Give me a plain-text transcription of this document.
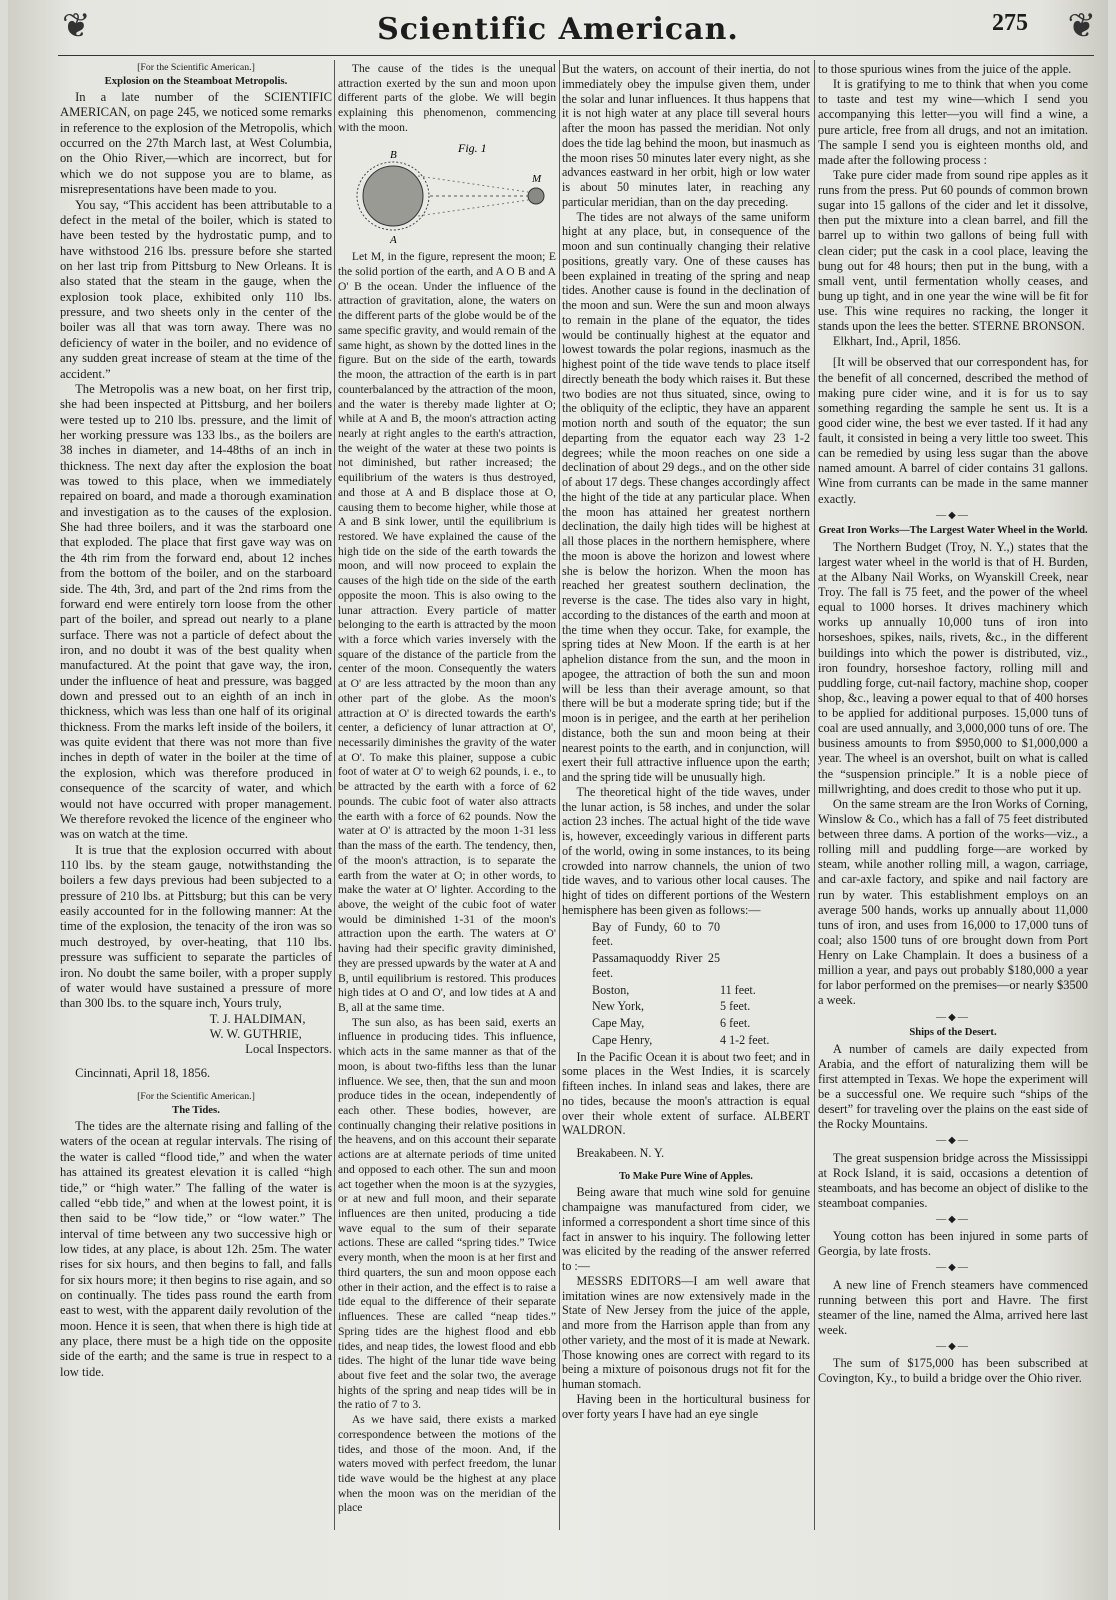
❦	❦
Scientific American.	275

[For the Scientific American.]

Explosion on the Steamboat Metropolis.

In a late number of the SCIENTIFIC AMERICAN, on page 245, we noticed some remarks in reference to the explosion of the Metropolis, which occurred on the 27th March last, at West Columbia, on the Ohio River,—which are incorrect, but for which we do not suppose you are to blame, as misrepresentations have been made to you.

You say, “This accident has been attributable to a defect in the metal of the boiler, which is stated to have been tested by the hydrostatic pump, and to have withstood 216 lbs. pressure before she started on her last trip from Pittsburg to New Orleans. It is also stated that the steam in the gauge, when the explosion took place, exhibited only 110 lbs. pressure, and two sheets only in the center of the boiler was all that was torn away. There was no deficiency of water in the boiler, and no evidence of any sudden great increase of steam at the time of the accident.”

The Metropolis was a new boat, on her first trip, she had been inspected at Pittsburg, and her boilers were tested up to 210 lbs. pressure, and the limit of her working pressure was 133 lbs., as the boilers are 38 inches in diameter, and 14-48ths of an inch in thickness. The next day after the explosion the boat was towed to this place, when we immediately repaired on board, and made a thorough examination and investigation as to the causes of the explosion. She had three boilers, and it was the starboard one that exploded. The place that first gave way was on the 4th rim from the forward end, about 12 inches from the bottom of the boiler, and on the starboard side. The 4th, 3rd, and part of the 2nd rims from the forward end were entirely torn loose from the other part of the boiler, and spread out nearly to a plane surface. There was not a particle of defect about the iron, and no doubt it was of the best quality when manufactured. At the point that gave way, the iron, under the influence of heat and pressure, was bagged down and pressed out to an eighth of an inch in thickness, which was less than one half of its original thickness. From the marks left inside of the boilers, it was quite evident that there was not more than five inches in depth of water in the boiler at the time of the explosion, which was therefore produced in consequence of the scarcity of water, and which would not have occurred with proper management. We therefore revoked the licence of the engineer who was on watch at the time.

It is true that the explosion occurred with about 110 lbs. by the steam gauge, notwithstanding the boilers a few days previous had been subjected to a pressure of 210 lbs. at Pittsburg; but this can be very easily accounted for in the following manner: At the time of the explosion, the tenacity of the iron was so much destroyed, by over-heating, that 110 lbs. pressure was sufficient to separate the particles of iron. No doubt the same boiler, with a proper supply of water would have sustained a pressure of more than 300 lbs. to the square inch, Yours truly,

T. J. HALDIMAN,

W. W. GUTHRIE,

Local Inspectors.

Cincinnati, April 18, 1856.

[For the Scientific American.]

The Tides.

The tides are the alternate rising and falling of the waters of the ocean at regular intervals. The rising of the water is called “flood tide,” and when the water has attained its greatest elevation it is called “high tide,” or “high water.” The falling of the water is called “ebb tide,” and when at the lowest point, it is then said to be “low tide,” or “low water.” The interval of time between any two successive high or low tides, at any place, is about 12h. 25m. The water rises for six hours, and then begins to fall, and falls for six hours more; it then begins to rise again, and so on continually. The tides pass round the earth from east to west, with the apparent daily revolution of the moon. Hence it is seen, that when there is high tide at any place, there must be a high tide on the opposite side of the earth; and the same is true in respect to a low tide.

The cause of the tides is the unequal attraction exerted by the sun and moon upon different parts of the globe. We will begin explaining this phenomenon, commencing with the moon.

Fig. 1
B
A
M

Let M, in the figure, represent the moon; E the solid portion of the earth, and A O B and A O' B the ocean. Under the influence of the attraction of gravitation, alone, the waters on the different parts of the globe would be of the same specific gravity, and would remain of the same hight, as shown by the dotted lines in the figure. But on the side of the earth, towards the moon, the attraction of the earth is in part counterbalanced by the attraction of the moon, and the water is thereby made lighter at O; while at A and B, the moon's attraction acting nearly at right angles to the earth's attraction, the weight of the water at these two points is not diminished, but rather increased; the equilibrium of the waters is thus destroyed, and those at A and B displace those at O, causing them to become higher, while those at A and B sink lower, until the equilibrium is restored. We have explained the cause of the high tide on the side of the earth towards the moon, and will now proceed to explain the causes of the high tide on the side of the earth opposite the moon. This is also owing to the lunar attraction. Every particle of matter belonging to the earth is attracted by the moon with a force which varies inversely with the square of the distance of the particle from the center of the moon. Consequently the waters at O' are less attracted by the moon than any other part of the globe. As the moon's attraction at O' is directed towards the earth's center, a deficiency of lunar attraction at O', necessarily diminishes the gravity of the water at O'. To make this plainer, suppose a cubic foot of water at O' to weigh 62 pounds, i. e., to be attracted by the earth with a force of 62 pounds. The cubic foot of water also attracts the earth with a force of 62 pounds. Now the water at O' is attracted by the moon 1-31 less than the mass of the earth. The tendency, then, of the moon's attraction, is to separate the earth from the water at O; in other words, to make the water at O' lighter. According to the above, the weight of the cubic foot of water would be diminished 1-31 of the moon's attraction upon the earth. The waters at O' having had their specific gravity diminished, they are pressed upwards by the water at A and B, until equilibrium is restored. This produces high tides at O and O', and low tides at A and B, all at the same time.

The sun also, as has been said, exerts an influence in producing tides. This influence, which acts in the same manner as that of the moon, is about two-fifths less than the lunar influence. We see, then, that the sun and moon produce tides in the ocean, independently of each other. These bodies, however, are continually changing their relative positions in the heavens, and on this account their separate actions are at alternate periods of time united and opposed to each other. The sun and moon act together when the moon is at the syzygies, or at new and full moon, and their separate influences are then united, producing a tide wave equal to the sum of their separate actions. These are called “spring tides.” Twice every month, when the moon is at her first and third quarters, the sun and moon oppose each other in their action, and the effect is to raise a tide equal to the difference of their separate influences. These are called “neap tides.” Spring tides are the highest flood and ebb tides, and neap tides, the lowest flood and ebb tides. The hight of the lunar tide wave being about five feet and the solar two, the average hights of the spring and neap tides will be in the ratio of 7 to 3.

As we have said, there exists a marked correspondence between the motions of the tides, and those of the moon. And, if the waters moved with perfect freedom, the lunar tide wave would be the highest at any place when the moon was on the meridian of the place

But the waters, on account of their inertia, do not immediately obey the impulse given them, under the solar and lunar influences. It thus happens that it is not high water at any place till several hours after the moon has passed the meridian. Not only does the tide lag behind the moon, but inasmuch as the moon rises 50 minutes later every night, as she advances eastward in her orbit, high or low water is about 50 minutes later, in reaching any particular meridian, than on the day preceding.

The tides are not always of the same uniform hight at any place, but, in consequence of the moon and sun continually changing their relative positions, greatly vary. One of these causes has been explained in treating of the spring and neap tides. Another cause is found in the declination of the moon and sun. Were the sun and moon always to remain in the plane of the equator, the tides would be continually highest at the equator and lowest towards the polar regions, inasmuch as the highest point of the tide wave tends to place itself directly beneath the body which raises it. But these two bodies are not thus situated, since, owing to the obliquity of the ecliptic, they have an apparent motion north and south of the equator; the sun departing from the equator each way 23 1-2 degrees; while the moon reaches on one side a declination of about 29 degs., and on the other side of about 17 degs. These changes accordingly affect the hight of the tide at any particular place. When the moon has attained her greatest northern declination, the daily high tides will be highest at all those places in the northern hemisphere, where the moon is above the horizon and lowest where she is below the horizon. When the moon has reached her greatest southern declination, the reverse is the case. The tides also vary in hight, according to the distances of the earth and moon at the time when they occur. Take, for example, the spring tides at New Moon. If the earth is at her aphelion distance from the sun, and the moon in apogee, the attraction of both the sun and moon will be less than their average amount, so that there will be but a moderate spring tide; but if the moon is in perigee, and the earth at her perihelion distance, both the sun and moon being at their nearest points to the earth, and in conjunction, will exert their full attractive influence upon the earth; and the spring tide will be unusually high.

The theoretical hight of the tide waves, under the lunar action, is 58 inches, and under the solar action 23 inches. The actual hight of the tide wave is, however, exceedingly various in different parts of the world, owing in some instances, to its being crowded into narrow channels, the union of two tide waves, and to various other local causes. The hight of tides on different portions of the Western hemisphere has been given as follows:—

Bay of Fundy, 60 to 70 feet.
Passamaquoddy River 25 feet.
Boston,	11 feet.
New York,	5 feet.
Cape May,	6 feet.
Cape Henry,	4 1-2 feet.

In the Pacific Ocean it is about two feet; and in some places in the West Indies, it is scarcely fifteen inches. In inland seas and lakes, there are no tides, because the moon's attraction is equal over their whole extent of surface. ALBERT WALDRON.

Breakabeen. N. Y.

To Make Pure Wine of Apples.

Being aware that much wine sold for genuine champaigne was manufactured from cider, we informed a correspondent a short time since of this fact in answer to his inquiry. The following letter was elicited by the reading of the answer referred to :—

MESSRS EDITORS—I am well aware that imitation wines are now extensively made in the State of New Jersey from the juice of the apple, and more from the Harrison apple than from any other variety, and the most of it is made at Newark. Those knowing ones are correct with regard to its being a mixture of poisonous drugs not fit for the human stomach.

Having been in the horticultural business for over forty years I have had an eye single

to those spurious wines from the juice of the apple.

It is gratifying to me to think that when you come to taste and test my wine—which I send you accompanying this letter—you will find a wine, a pure article, free from all drugs, and not an imitation. The sample I send you is eighteen months old, and made after the following process :

Take pure cider made from sound ripe apples as it runs from the press. Put 60 pounds of common brown sugar into 15 gallons of the cider and let it dissolve, then put the mixture into a clean barrel, and fill the barrel up to within two gallons of being full with clean cider; put the cask in a cool place, leaving the bung out for 48 hours; then put in the bung, with a small vent, until fermentation wholly ceases, and bung up tight, and in one year the wine will be fit for use. This wine requires no racking, the longer it stands upon the lees the better. STERNE BRONSON.

Elkhart, Ind., April, 1856.

[It will be observed that our correspondent has, for the benefit of all concerned, described the method of making pure cider wine, and it is for us to say something regarding the sample he sent us. It is a good cider wine, the best we ever tasted. If it had any fault, it consisted in being a very little too sweet. This can be remedied by using less sugar than the above named amount. A barrel of cider contains 31 gallons. Wine from currants can be made in the same manner exactly.

—◆—

Great Iron Works—The Largest Water Wheel in the World.

The Northern Budget (Troy, N. Y.,) states that the largest water wheel in the world is that of H. Burden, at the Albany Nail Works, on Wyanskill Creek, near Troy. The fall is 75 feet, and the power of the wheel equal to 1000 horses. It drives machinery which works up annually 10,000 tuns of iron into horseshoes, spikes, nails, rivets, &c., in the different buildings into which the power is distributed, viz., iron foundry, horseshoe factory, rolling mill and puddling forge, cut-nail factory, machine shop, cooper shop, &c., leaving a power equal to that of 400 horses to be applied for additional purposes. 15,000 tuns of coal are used annually, and 3,000,000 tuns of ore. The business amounts to from $950,000 to $1,000,000 a year. The wheel is an overshot, built on what is called the “suspension principle.” It is a noble piece of millwrighting, and does credit to those who put it up.

On the same stream are the Iron Works of Corning, Winslow & Co., which has a fall of 75 feet distributed between three dams. A portion of the works—viz., a rolling mill and puddling forge—are worked by steam, while another rolling mill, a wagon, carriage, and car-axle factory, and spike and nail factory are run by water. This establishment employs on an average 500 hands, works up annually about 11,000 tuns of iron, and uses from 16,000 to 17,000 tuns of coal; also 1500 tuns of ore brought down from Port Henry on Lake Champlain. It does a business of a million a year, and pays out probably $180,000 a year for labor performed on the premises—or nearly $3500 a week.

—◆—

Ships of the Desert.

A number of camels are daily expected from Arabia, and the effort of naturalizing them will be first attempted in Texas. We hope the experiment will be a successful one. We require such “ships of the desert” for traveling over the plains on the east side of the Rocky Mountains.

—◆—

The great suspension bridge across the Mississippi at Rock Island, it is said, occasions a detention of steamboats, and has become an object of dislike to the steamboat companies.

—◆—

Young cotton has been injured in some parts of Georgia, by late frosts.

—◆—

A new line of French steamers have commenced running between this port and Havre. The first steamer of the line, named the Alma, arrived here last week.

—◆—

The sum of $175,000 has been subscribed at Covington, Ky., to build a bridge over the Ohio river.
